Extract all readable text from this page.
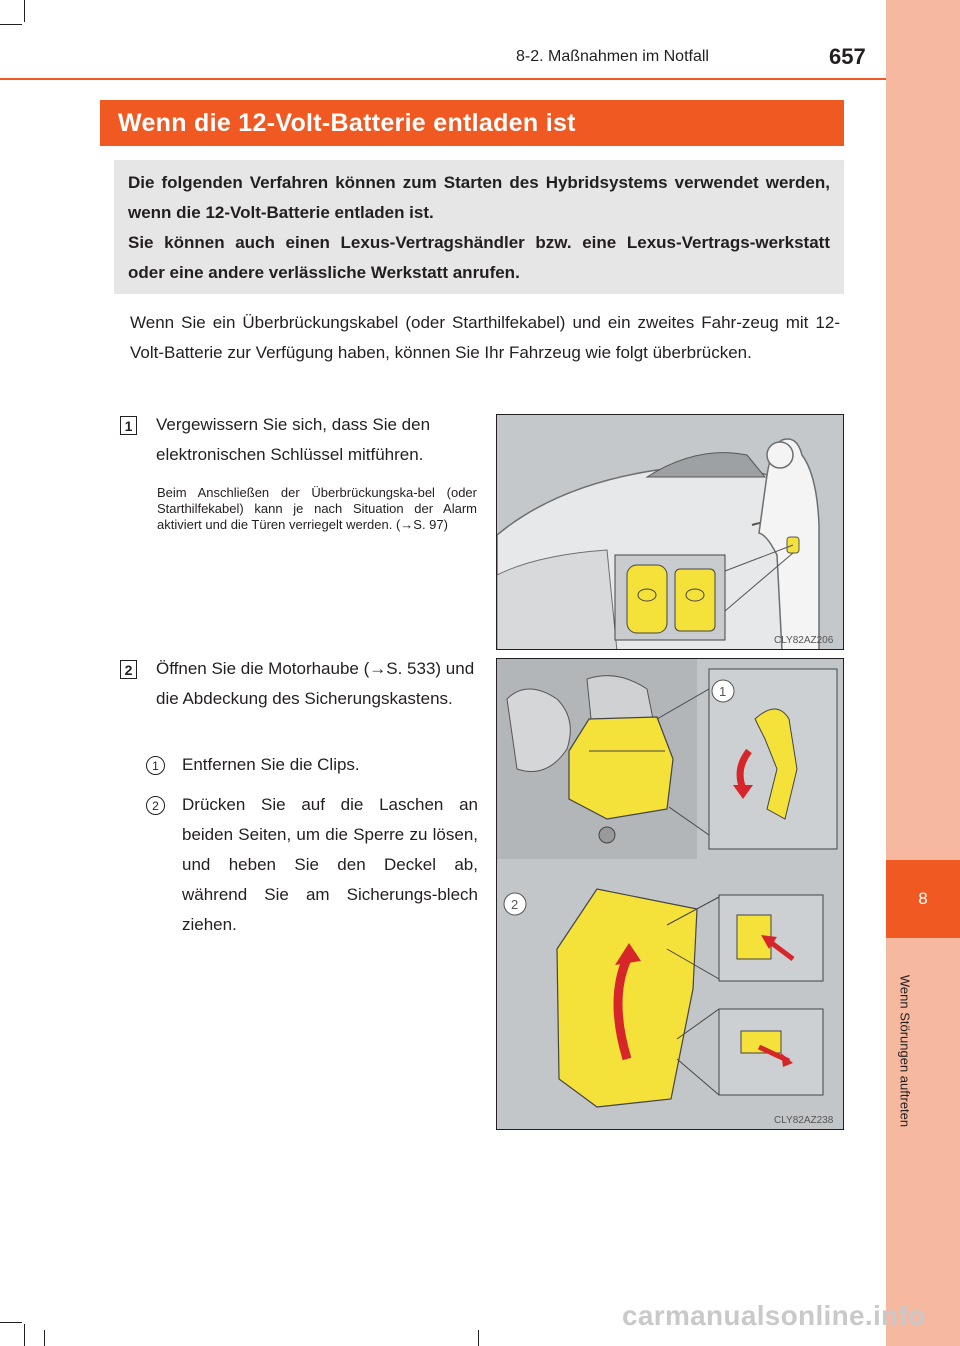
8
Wenn Störungen auftreten
8-2. Maßnahmen im Notfall	657
Wenn die 12-Volt-Batterie entladen ist
Die folgenden Verfahren können zum Starten des Hybridsystems verwendet werden, wenn die 12-Volt-Batterie entladen ist.
Sie können auch einen Lexus-Vertragshändler bzw. eine Lexus-Vertrags-werkstatt oder eine andere verlässliche Werkstatt anrufen.
Wenn Sie ein Überbrückungskabel (oder Starthilfekabel) und ein zweites Fahr-zeug mit 12-Volt-Batterie zur Verfügung haben, können Sie Ihr Fahrzeug wie folgt überbrücken.
1 Vergewissern Sie sich, dass Sie den elektronischen Schlüssel mitführen.
Beim Anschließen der Überbrückungska-bel (oder Starthilfekabel) kann je nach Situation der Alarm aktiviert und die Türen verriegelt werden. (→S. 97)
CLY82AZ206
2 Öffnen Sie die Motorhaube (→S. 533) und die Abdeckung des Sicherungskastens.
1	Entfernen Sie die Clips.
2	Drücken Sie auf die Laschen an beiden Seiten, um die Sperre zu lösen, und heben Sie den Deckel ab, während Sie am Sicherungs-blech ziehen.
1
2
CLY82AZ238
carmanualsonline.info
